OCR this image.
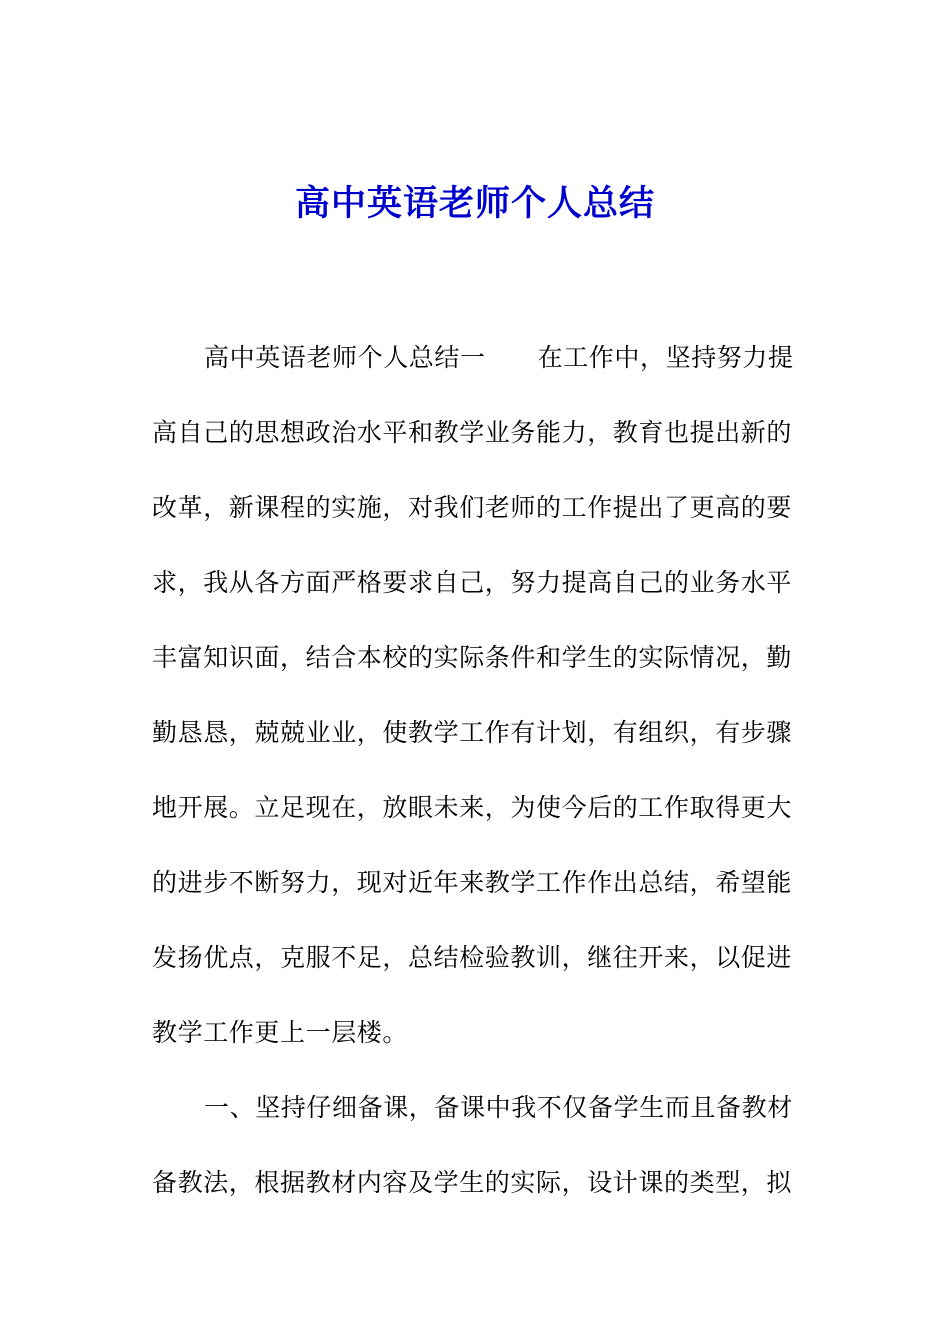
高中英语老师个人总结
高中英语老师个人总结一 在工作中，坚持努力提
高自己的思想政治水平和教学业务能力，教育也提出新的
改革，新课程的实施，对我们老师的工作提出了更高的要
求，我从各方面严格要求自己，努力提高自己的业务水平
丰富知识面，结合本校的实际条件和学生的实际情况，勤
勤恳恳，兢兢业业，使教学工作有计划，有组织，有步骤
地开展。立足现在，放眼未来，为使今后的工作取得更大
的进步不断努力，现对近年来教学工作作出总结，希望能
发扬优点，克服不足，总结检验教训，继往开来，以促进
教学工作更上一层楼。
一、坚持仔细备课，备课中我不仅备学生而且备教材
备教法，根据教材内容及学生的实际，设计课的类型，拟
